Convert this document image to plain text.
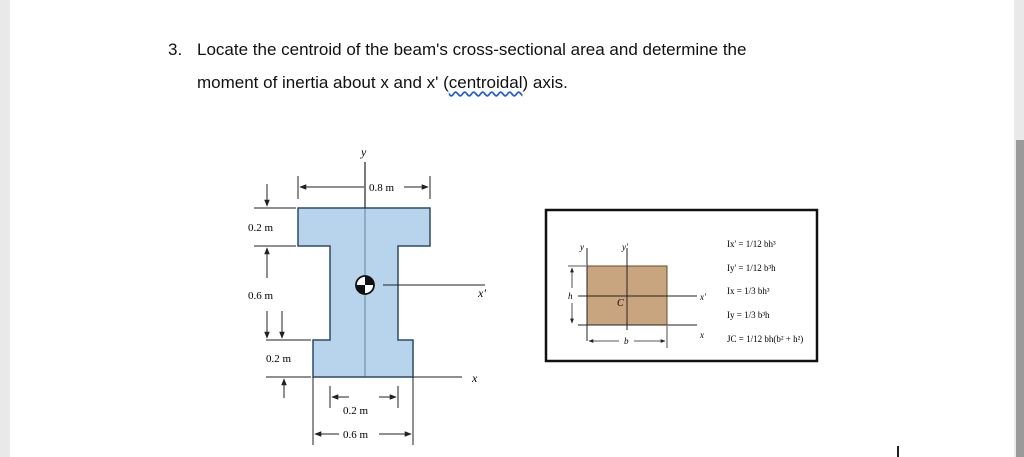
3. Locate the centroid of the beam's cross-sectional area and determine the
moment of inertia about x and x' (centroidal) axis.
y
x'
x
0.8 m
0.2 m
0.6 m
0.2 m
0.2 m
0.6 m
y	y'
x'
x
C
h
b
Ix' = 1/12 bh³
Iy' = 1/12 b³h
Ix = 1/3 bh³
Iy = 1/3 b³h
JC = 1/12 bh(b² + h²)
